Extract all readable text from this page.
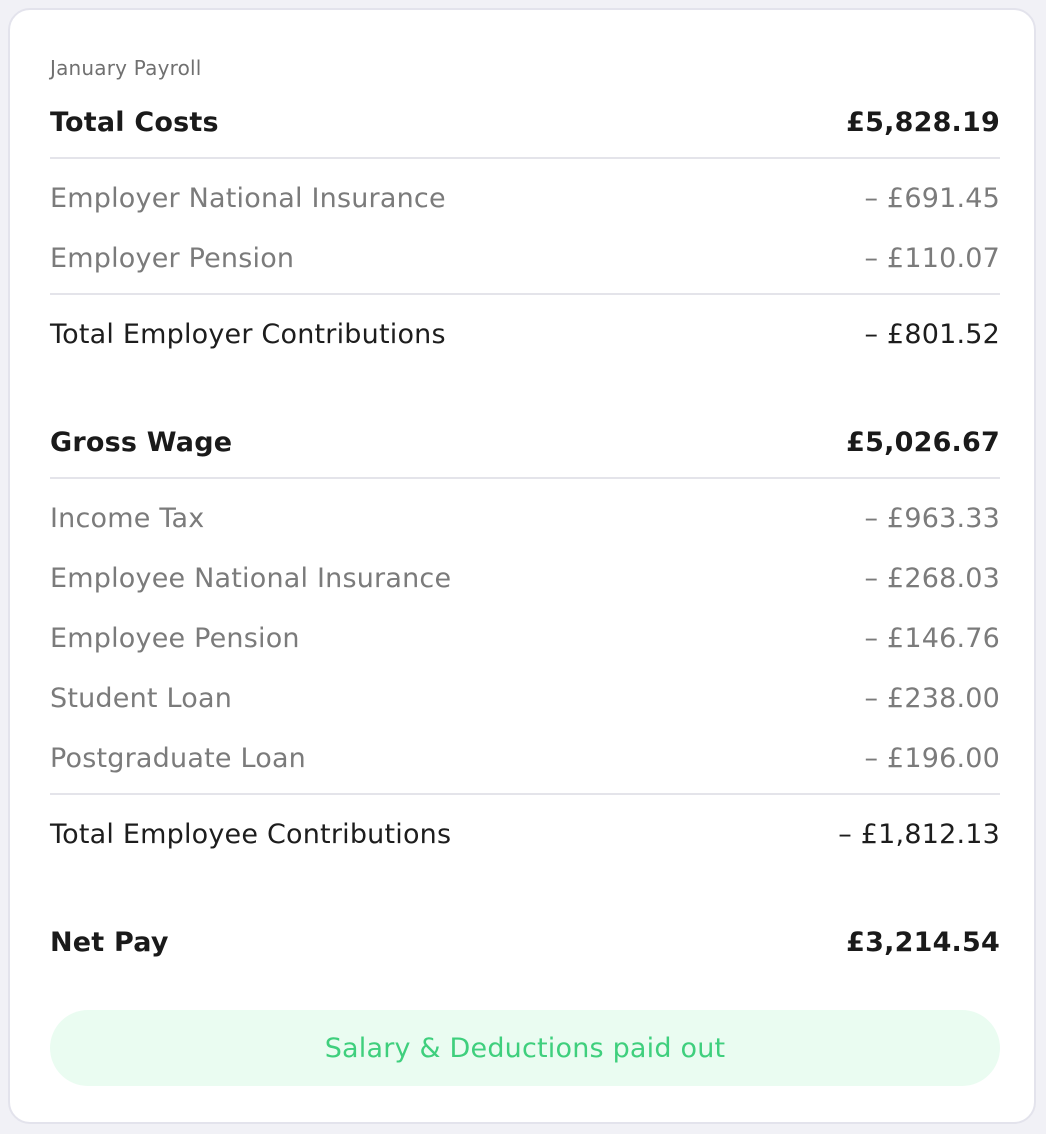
January Payroll
Total Costs	£5,828.19
Employer National Insurance	– £691.45
Employer Pension	– £110.07
Total Employer Contributions	– £801.52
Gross Wage	£5,026.67
Income Tax	– £963.33
Employee National Insurance	– £268.03
Employee Pension	– £146.76
Student Loan	– £238.00
Postgraduate Loan	– £196.00
Total Employee Contributions	– £1,812.13
Net Pay	£3,214.54
Salary & Deductions paid out
